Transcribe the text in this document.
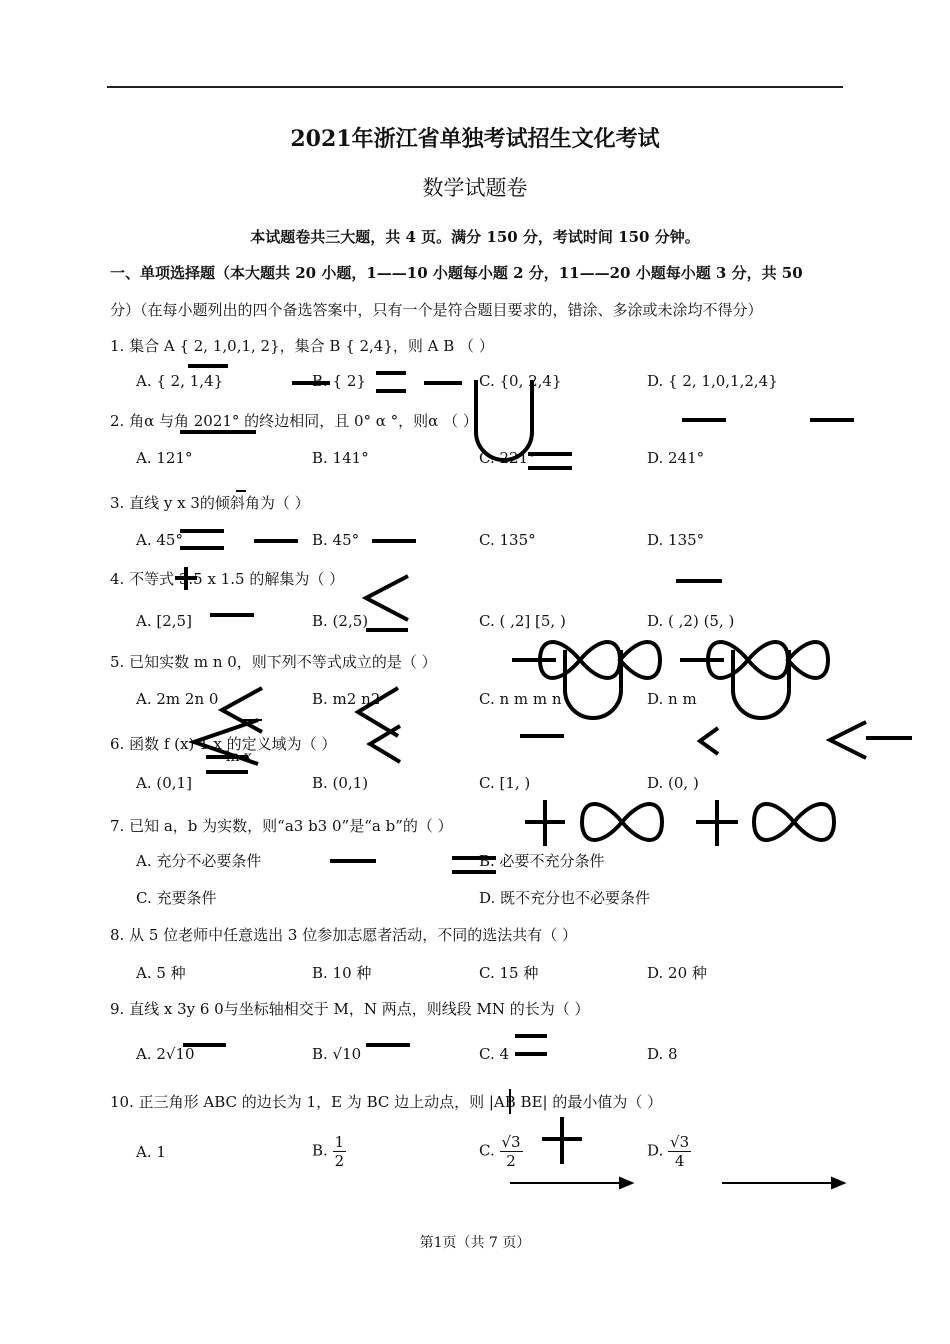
2021年浙江省单独考试招生文化考试
数学试题卷
本试题卷共三大题，共 4 页。满分 150 分，考试时间 150 分钟。
一、单项选择题（本大题共 20 小题，1——10 小题每小题 2 分，11——20 小题每小题 3 分，共 50
分）（在每小题列出的四个备选答案中，只有一个是符合题目要求的，错涂、多涂或未涂均不得分）
1. 集合 A { 2, 1,0,1, 2}，集合 B { 2,4}，则 A B （ ）
A. { 2, 1,4}	B. { 2}	C. {0, 2,4}	D. { 2, 1,0,1,2,4}
2. 角α 与角 2021° 的终边相同，且 0° α °，则α （ ）
A. 121°	B. 141°	C. 221°	D. 241°
3. 直线 y x 3的倾斜角为（ ）
A. 45°	B. 45°	C. 135°	D. 135°
4. 不等式 3.5 x 1.5 的解集为（ ）
A. [2,5]	B. (2,5)	C. ( ,2] [5, )	D. ( ,2) (5, )
5. 已知实数 m n 0，则下列不等式成立的是（ ）
A. 2m 2n 0	B. m2 n2	C. n m m n	D. n m
6. 函数 f (x) 1 x 的定义域为（ ）
ln x
A. (0,1]	B. (0,1)	C. [1, )	D. (0, )
7. 已知 a，b 为实数，则“a3 b3 0”是“a b”的（ ）
A. 充分不必要条件	B. 必要不充分条件
C. 充要条件	D. 既不充分也不必要条件
8. 从 5 位老师中任意选出 3 位参加志愿者活动，不同的选法共有（ ）
A. 5 种	B. 10 种	C. 15 种	D. 20 种
9. 直线 x 3y 6 0与坐标轴相交于 M，N 两点，则线段 MN 的长为（ ）
A. 2√10	B. √10	C. 4	D. 8
10. 正三角形 ABC 的边长为 1，E 为 BC 边上动点，则 |AB BE| 的最小值为（ ）
A. 1	B. $\frac{1}{2}$	C. $\frac{√3}{2}$	D. $\frac{√3}{4}$
第1页（共 7 页）
